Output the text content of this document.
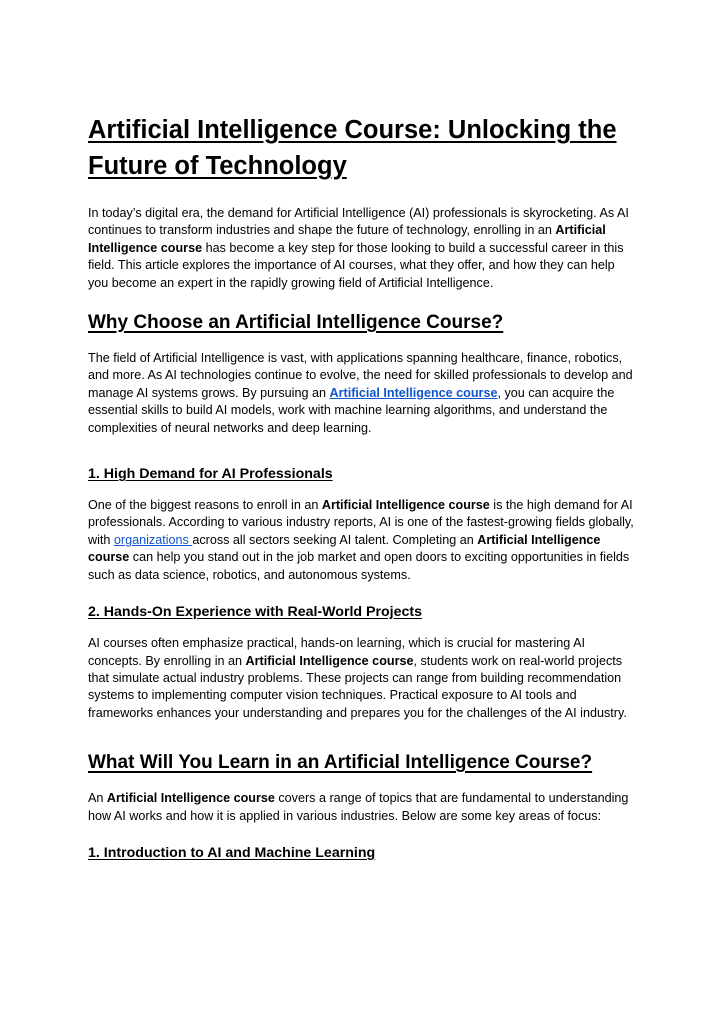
Artificial Intelligence Course: Unlocking the Future of Technology

In today’s digital era, the demand for Artificial Intelligence (AI) professionals is skyrocketing. As AI continues to transform industries and shape the future of technology, enrolling in an Artificial Intelligence course has become a key step for those looking to build a successful career in this field. This article explores the importance of AI courses, what they offer, and how they can help you become an expert in the rapidly growing field of Artificial Intelligence.

Why Choose an Artificial Intelligence Course?

The field of Artificial Intelligence is vast, with applications spanning healthcare, finance, robotics, and more. As AI technologies continue to evolve, the need for skilled professionals to develop and manage AI systems grows. By pursuing an Artificial Intelligence course, you can acquire the essential skills to build AI models, work with machine learning algorithms, and understand the complexities of neural networks and deep learning.

1. High Demand for AI Professionals

One of the biggest reasons to enroll in an Artificial Intelligence course is the high demand for AI professionals. According to various industry reports, AI is one of the fastest-growing fields globally, with organizations across all sectors seeking AI talent. Completing an Artificial Intelligence course can help you stand out in the job market and open doors to exciting opportunities in fields such as data science, robotics, and autonomous systems.

2. Hands-On Experience with Real-World Projects

AI courses often emphasize practical, hands-on learning, which is crucial for mastering AI concepts. By enrolling in an Artificial Intelligence course, students work on real-world projects that simulate actual industry problems. These projects can range from building recommendation systems to implementing computer vision techniques. Practical exposure to AI tools and frameworks enhances your understanding and prepares you for the challenges of the AI industry.

What Will You Learn in an Artificial Intelligence Course?

An Artificial Intelligence course covers a range of topics that are fundamental to understanding how AI works and how it is applied in various industries. Below are some key areas of focus:

1. Introduction to AI and Machine Learning
